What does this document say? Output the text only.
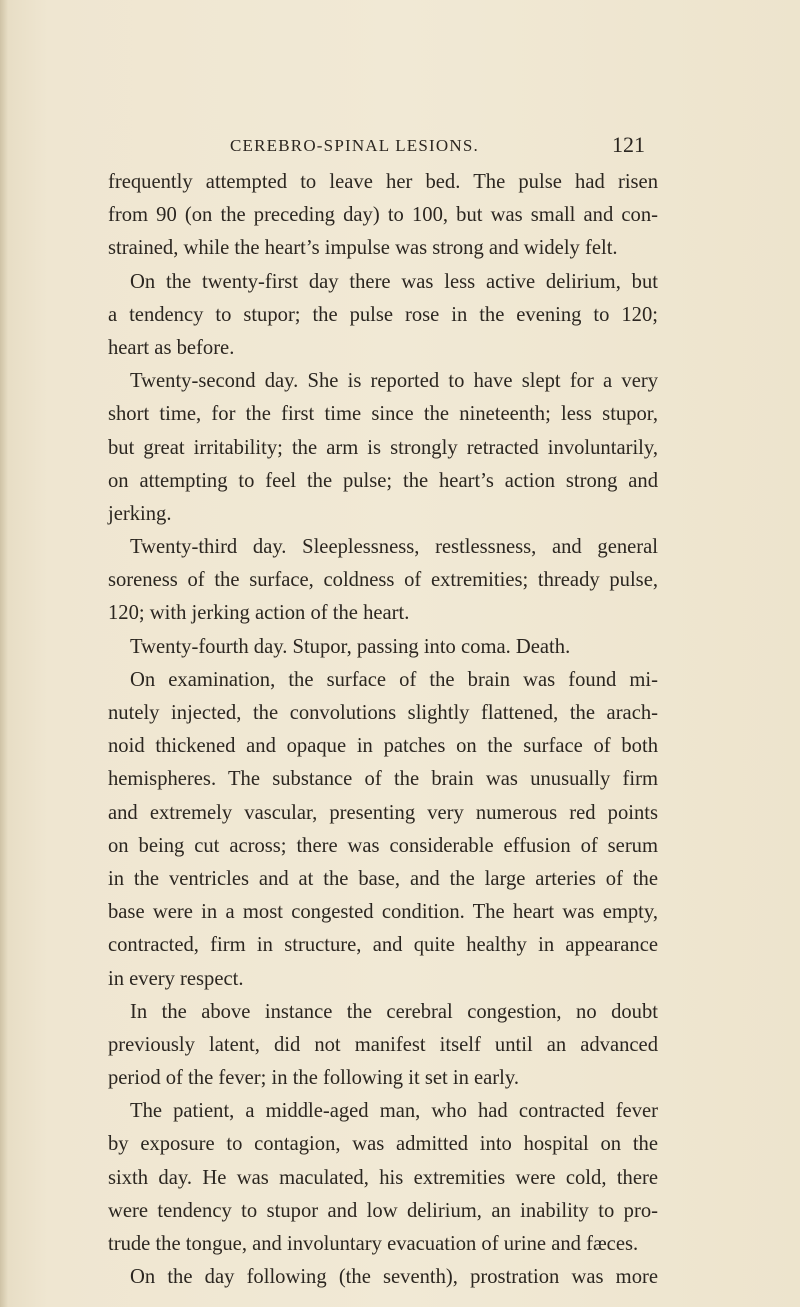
CEREBRO-SPINAL LESIONS.	121
frequently attempted to leave her bed. The pulse had risen
from 90 (on the preceding day) to 100, but was small and con-
strained, while the heart’s impulse was strong and widely felt.
On the twenty-first day there was less active delirium, but
a tendency to stupor; the pulse rose in the evening to 120;
heart as before.
Twenty-second day. She is reported to have slept for a very
short time, for the first time since the nineteenth; less stupor,
but great irritability; the arm is strongly retracted involuntarily,
on attempting to feel the pulse; the heart’s action strong and
jerking.
Twenty-third day. Sleeplessness, restlessness, and general
soreness of the surface, coldness of extremities; thready pulse,
120; with jerking action of the heart.
Twenty-fourth day. Stupor, passing into coma. Death.
On examination, the surface of the brain was found mi-
nutely injected, the convolutions slightly flattened, the arach-
noid thickened and opaque in patches on the surface of both
hemispheres. The substance of the brain was unusually firm
and extremely vascular, presenting very numerous red points
on being cut across; there was considerable effusion of serum
in the ventricles and at the base, and the large arteries of the
base were in a most congested condition. The heart was empty,
contracted, firm in structure, and quite healthy in appearance
in every respect.
In the above instance the cerebral congestion, no doubt
previously latent, did not manifest itself until an advanced
period of the fever; in the following it set in early.
The patient, a middle-aged man, who had contracted fever
by exposure to contagion, was admitted into hospital on the
sixth day. He was maculated, his extremities were cold, there
were tendency to stupor and low delirium, an inability to pro-
trude the tongue, and involuntary evacuation of urine and fæces.
On the day following (the seventh), prostration was more
